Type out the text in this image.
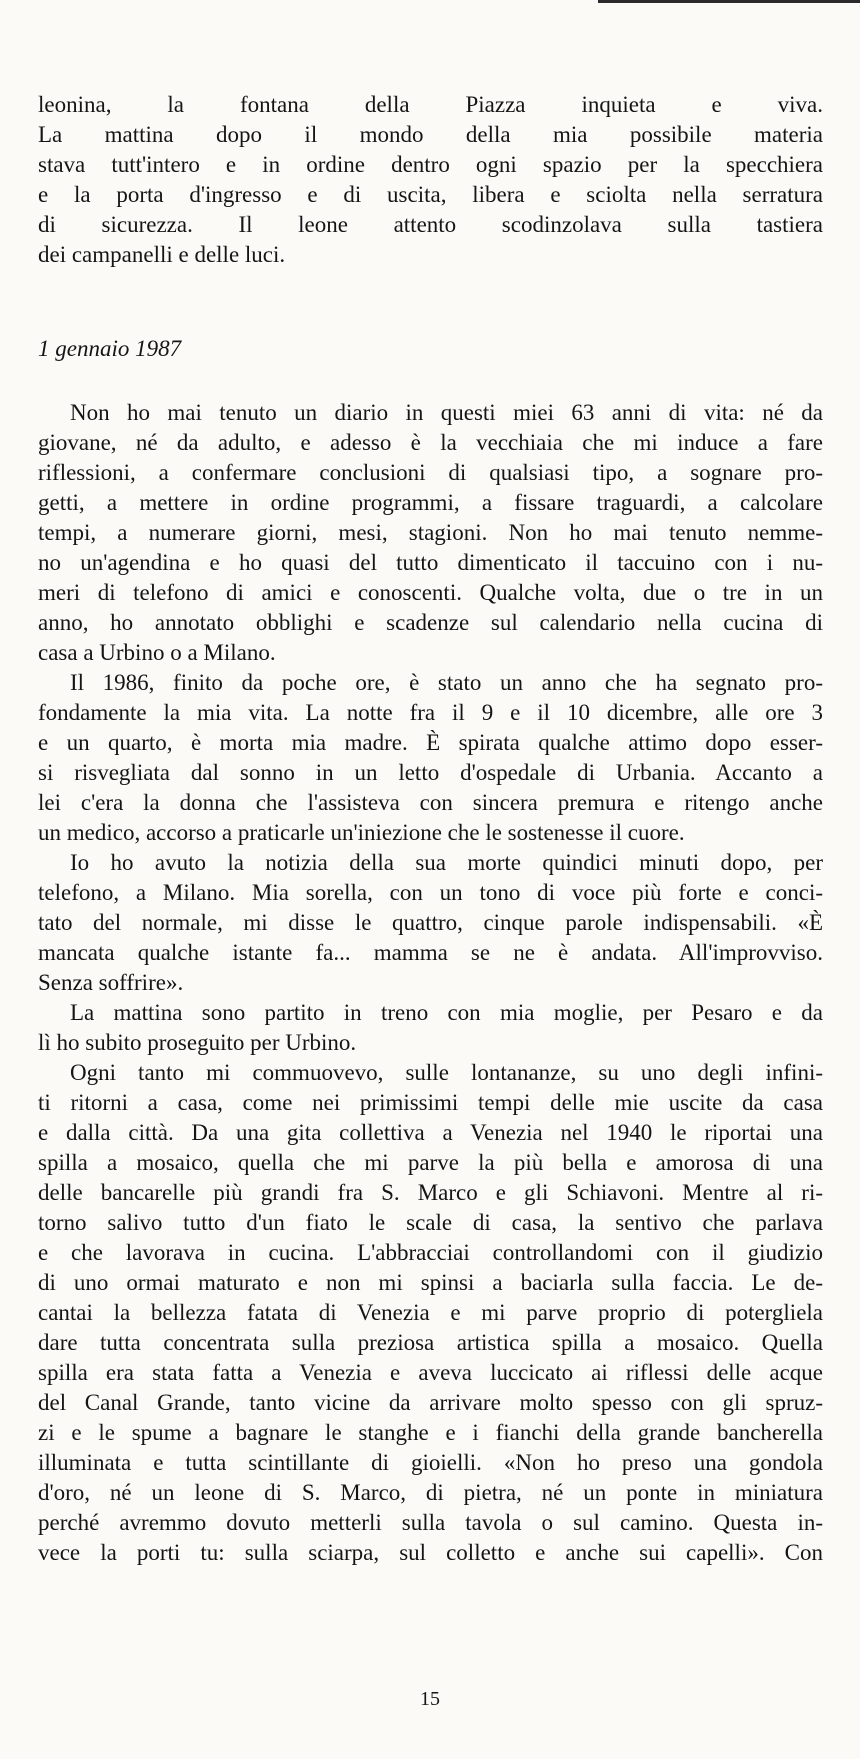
leonina, la fontana della Piazza inquieta e viva.
La mattina dopo il mondo della mia possibile materia
stava tutt'intero e in ordine dentro ogni spazio per la specchiera
e la porta d'ingresso e di uscita, libera e sciolta nella serratura
di sicurezza. Il leone attento scodinzolava sulla tastiera
dei campanelli e delle luci.
1 gennaio 1987
Non ho mai tenuto un diario in questi miei 63 anni di vita: né da
giovane, né da adulto, e adesso è la vecchiaia che mi induce a fare
riflessioni, a confermare conclusioni di qualsiasi tipo, a sognare pro-
getti, a mettere in ordine programmi, a fissare traguardi, a calcolare
tempi, a numerare giorni, mesi, stagioni. Non ho mai tenuto nemme-
no un'agendina e ho quasi del tutto dimenticato il taccuino con i nu-
meri di telefono di amici e conoscenti. Qualche volta, due o tre in un
anno, ho annotato obblighi e scadenze sul calendario nella cucina di
casa a Urbino o a Milano.
Il 1986, finito da poche ore, è stato un anno che ha segnato pro-
fondamente la mia vita. La notte fra il 9 e il 10 dicembre, alle ore 3
e un quarto, è morta mia madre. È spirata qualche attimo dopo esser-
si risvegliata dal sonno in un letto d'ospedale di Urbania. Accanto a
lei c'era la donna che l'assisteva con sincera premura e ritengo anche
un medico, accorso a praticarle un'iniezione che le sostenesse il cuore.
Io ho avuto la notizia della sua morte quindici minuti dopo, per
telefono, a Milano. Mia sorella, con un tono di voce più forte e conci-
tato del normale, mi disse le quattro, cinque parole indispensabili. «È
mancata qualche istante fa... mamma se ne è andata. All'improvviso.
Senza soffrire».
La mattina sono partito in treno con mia moglie, per Pesaro e da
lì ho subito proseguito per Urbino.
Ogni tanto mi commuovevo, sulle lontananze, su uno degli infini-
ti ritorni a casa, come nei primissimi tempi delle mie uscite da casa
e dalla città. Da una gita collettiva a Venezia nel 1940 le riportai una
spilla a mosaico, quella che mi parve la più bella e amorosa di una
delle bancarelle più grandi fra S. Marco e gli Schiavoni. Mentre al ri-
torno salivo tutto d'un fiato le scale di casa, la sentivo che parlava
e che lavorava in cucina. L'abbracciai controllandomi con il giudizio
di uno ormai maturato e non mi spinsi a baciarla sulla faccia. Le de-
cantai la bellezza fatata di Venezia e mi parve proprio di potergliela
dare tutta concentrata sulla preziosa artistica spilla a mosaico. Quella
spilla era stata fatta a Venezia e aveva luccicato ai riflessi delle acque
del Canal Grande, tanto vicine da arrivare molto spesso con gli spruz-
zi e le spume a bagnare le stanghe e i fianchi della grande bancherella
illuminata e tutta scintillante di gioielli. «Non ho preso una gondola
d'oro, né un leone di S. Marco, di pietra, né un ponte in miniatura
perché avremmo dovuto metterli sulla tavola o sul camino. Questa in-
vece la porti tu: sulla sciarpa, sul colletto e anche sui capelli». Con
15
